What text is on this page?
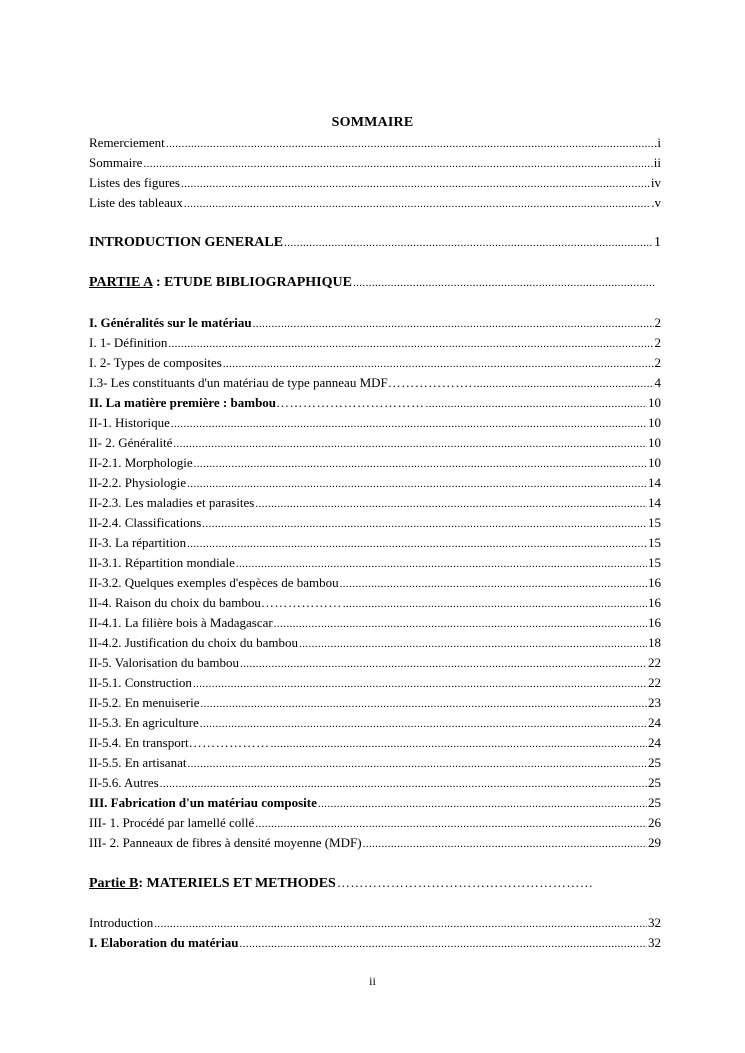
SOMMAIRE
Remerciement .....	.i
Sommaire .....	ii
Listes des figures .....	iv
Liste des tableaux .....	.v
INTRODUCTION GENERALE .....	1
PARTIE A : ETUDE BIBLIOGRAPHIQUE
.....
I. Généralités sur le matériau .....	2
I. 1- Définition .....	2
I. 2- Types de composites .....	2
I.3- Les constituants d'un matériau de type panneau MDF ………………. .....	4
II. La matière première : bambou …………………………… .....	10
II-1. Historique .....	10
II- 2. Généralité .....	10
II-2.1. Morphologie .....	10
II-2.2. Physiologie .....	14
II-2.3. Les maladies et parasites .....	14
II-2.4. Classifications .....	15
II-3. La répartition .....	15
II-3.1. Répartition mondiale .....	15
II-3.2. Quelques exemples d'espèces de bambou .....	16
II-4. Raison du choix du bambou ……………… .....	16
II-4.1. La filière bois à Madagascar .....	16
II-4.2. Justification du choix du bambou .....	18
II-5. Valorisation du bambou .....	22
II-5.1. Construction .....	22
II-5.2. En menuiserie .....	23
II-5.3. En agriculture .....	24
II-5.4. En transport ……………… .....	24
II-5.5. En artisanat .....	25
II-5.6. Autres .....	25
III. Fabrication d'un matériau composite .....	25
III- 1. Procédé par lamellé collé .....	26
III- 2. Panneaux de fibres à densité moyenne (MDF) .....	29
Partie B: MATERIELS ET METHODES
…………………………………………………
Introduction .....	32
I. Elaboration du matériau .....	32
ii
